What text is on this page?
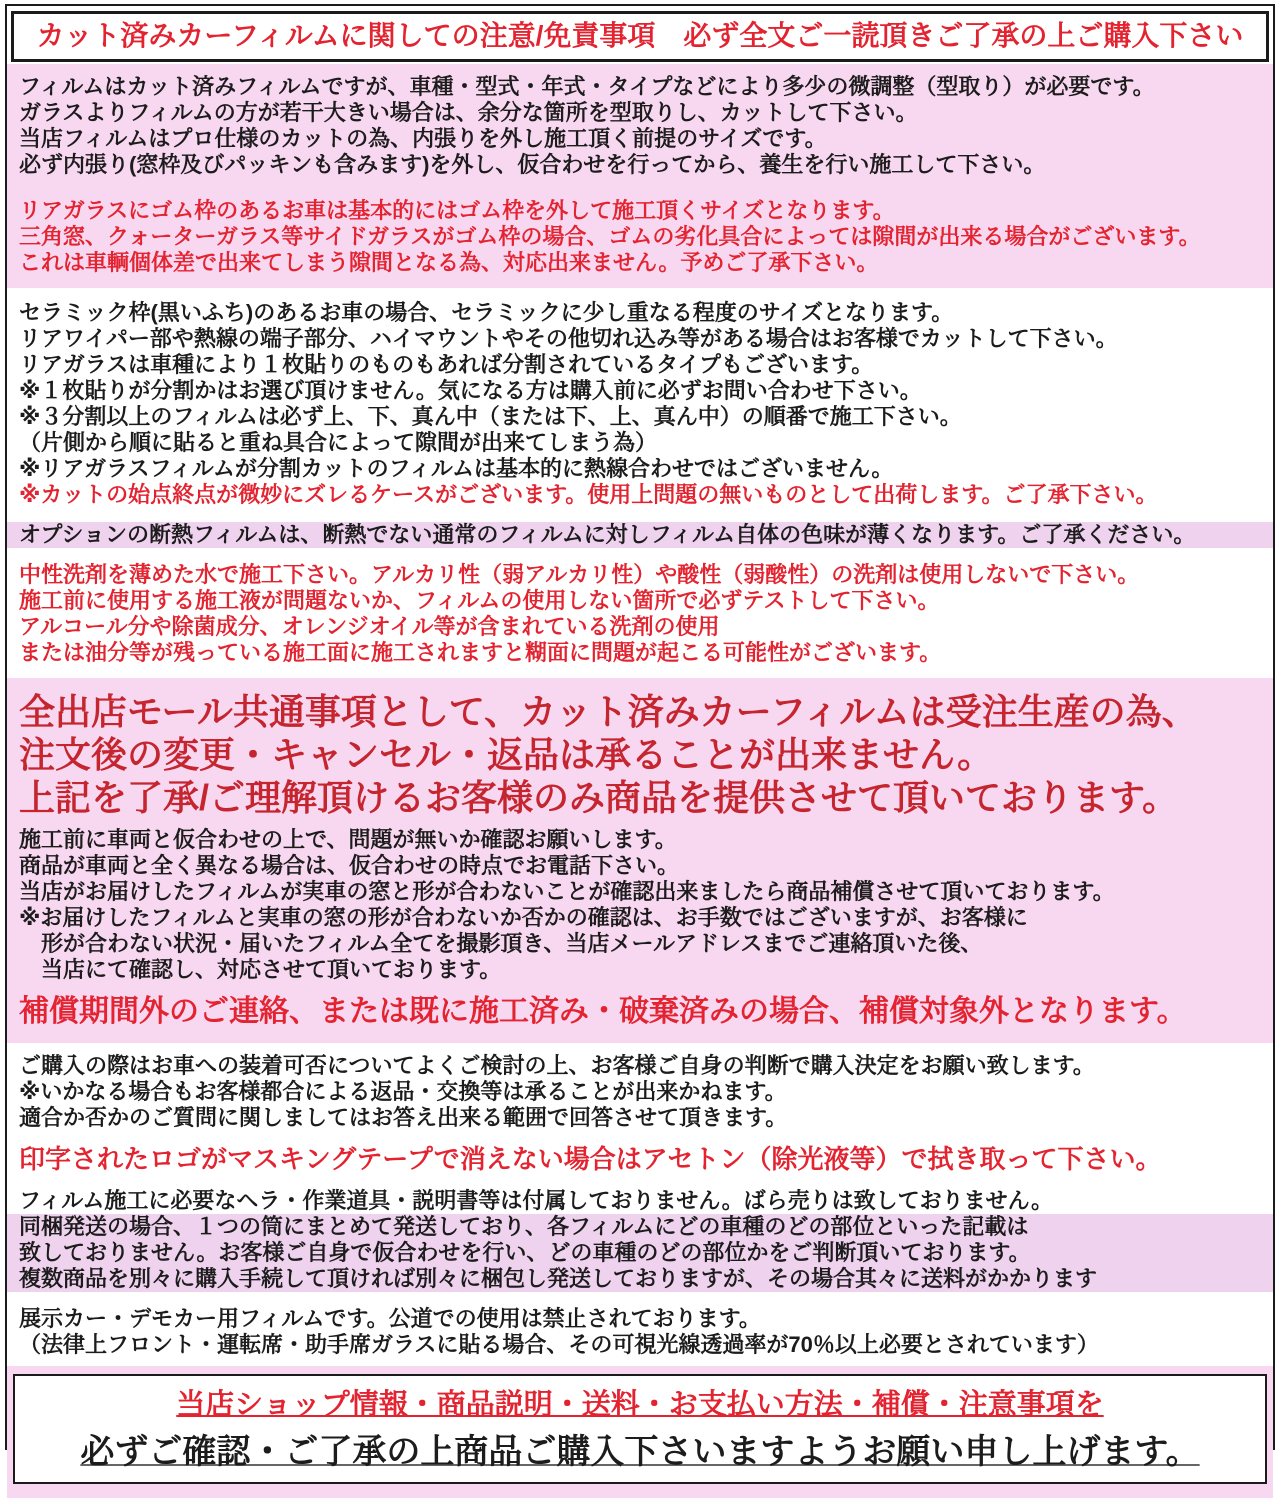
カット済みカーフィルムに関しての注意/免責事項　必ず全文ご一読頂きご了承の上ご購入下さい
フィルムはカット済みフィルムですが、車種・型式・年式・タイプなどにより多少の微調整（型取り）が必要です。
ガラスよりフィルムの方が若干大きい場合は、余分な箇所を型取りし、カットして下さい。
当店フィルムはプロ仕様のカットの為、内張りを外し施工頂く前提のサイズです。
必ず内張り(窓枠及びパッキンも含みます)を外し、仮合わせを行ってから、養生を行い施工して下さい。
リアガラスにゴム枠のあるお車は基本的にはゴム枠を外して施工頂くサイズとなります。
三角窓、クォーターガラス等サイドガラスがゴム枠の場合、ゴムの劣化具合によっては隙間が出来る場合がございます。
これは車輌個体差で出来てしまう隙間となる為、対応出来ません。予めご了承下さい。
セラミック枠(黒いふち)のあるお車の場合、セラミックに少し重なる程度のサイズとなります。
リアワイパー部や熱線の端子部分、ハイマウントやその他切れ込み等がある場合はお客様でカットして下さい。
リアガラスは車種により１枚貼りのものもあれば分割されているタイプもございます。
※１枚貼りが分割かはお選び頂けません。気になる方は購入前に必ずお問い合わせ下さい。
※３分割以上のフィルムは必ず上、下、真ん中（または下、上、真ん中）の順番で施工下さい。
（片側から順に貼ると重ね具合によって隙間が出来てしまう為）
※リアガラスフィルムが分割カットのフィルムは基本的に熱線合わせではございません。
※カットの始点終点が微妙にズレるケースがございます。使用上問題の無いものとして出荷します。ご了承下さい。
オプションの断熱フィルムは、断熱でない通常のフィルムに対しフィルム自体の色味が薄くなります。ご了承ください。
中性洗剤を薄めた水で施工下さい。アルカリ性（弱アルカリ性）や酸性（弱酸性）の洗剤は使用しないで下さい。
施工前に使用する施工液が問題ないか、フィルムの使用しない箇所で必ずテストして下さい。
アルコール分や除菌成分、オレンジオイル等が含まれている洗剤の使用
または油分等が残っている施工面に施工されますと糊面に問題が起こる可能性がございます。
全出店モール共通事項として、カット済みカーフィルムは受注生産の為、
注文後の変更・キャンセル・返品は承ることが出来ません。
上記を了承/ご理解頂けるお客様のみ商品を提供させて頂いております。
施工前に車両と仮合わせの上で、問題が無いか確認お願いします。
商品が車両と全く異なる場合は、仮合わせの時点でお電話下さい。
当店がお届けしたフィルムが実車の窓と形が合わないことが確認出来ましたら商品補償させて頂いております。
※お届けしたフィルムと実車の窓の形が合わないか否かの確認は、お手数ではございますが、お客様に
　形が合わない状況・届いたフィルム全てを撮影頂き、当店メールアドレスまでご連絡頂いた後、
　当店にて確認し、対応させて頂いております。
補償期間外のご連絡、または既に施工済み・破棄済みの場合、補償対象外となります。
ご購入の際はお車への装着可否についてよくご検討の上、お客様ご自身の判断で購入決定をお願い致します。
※いかなる場合もお客様都合による返品・交換等は承ることが出来かねます。
適合か否かのご質問に関しましてはお答え出来る範囲で回答させて頂きます。
印字されたロゴがマスキングテープで消えない場合はアセトン（除光液等）で拭き取って下さい。
フィルム施工に必要なヘラ・作業道具・説明書等は付属しておりません。ばら売りは致しておりません。
同梱発送の場合、１つの筒にまとめて発送しており、各フィルムにどの車種のどの部位といった記載は
致しておりません。お客様ご自身で仮合わせを行い、どの車種のどの部位かをご判断頂いております。
複数商品を別々に購入手続して頂ければ別々に梱包し発送しておりますが、その場合其々に送料がかかります
展示カー・デモカー用フィルムです。公道での使用は禁止されております。
（法律上フロント・運転席・助手席ガラスに貼る場合、その可視光線透過率が70％以上必要とされています）
当店ショップ情報・商品説明・送料・お支払い方法・補償・注意事項を
必ずご確認・ご了承の上商品ご購入下さいますようお願い申し上げます。
